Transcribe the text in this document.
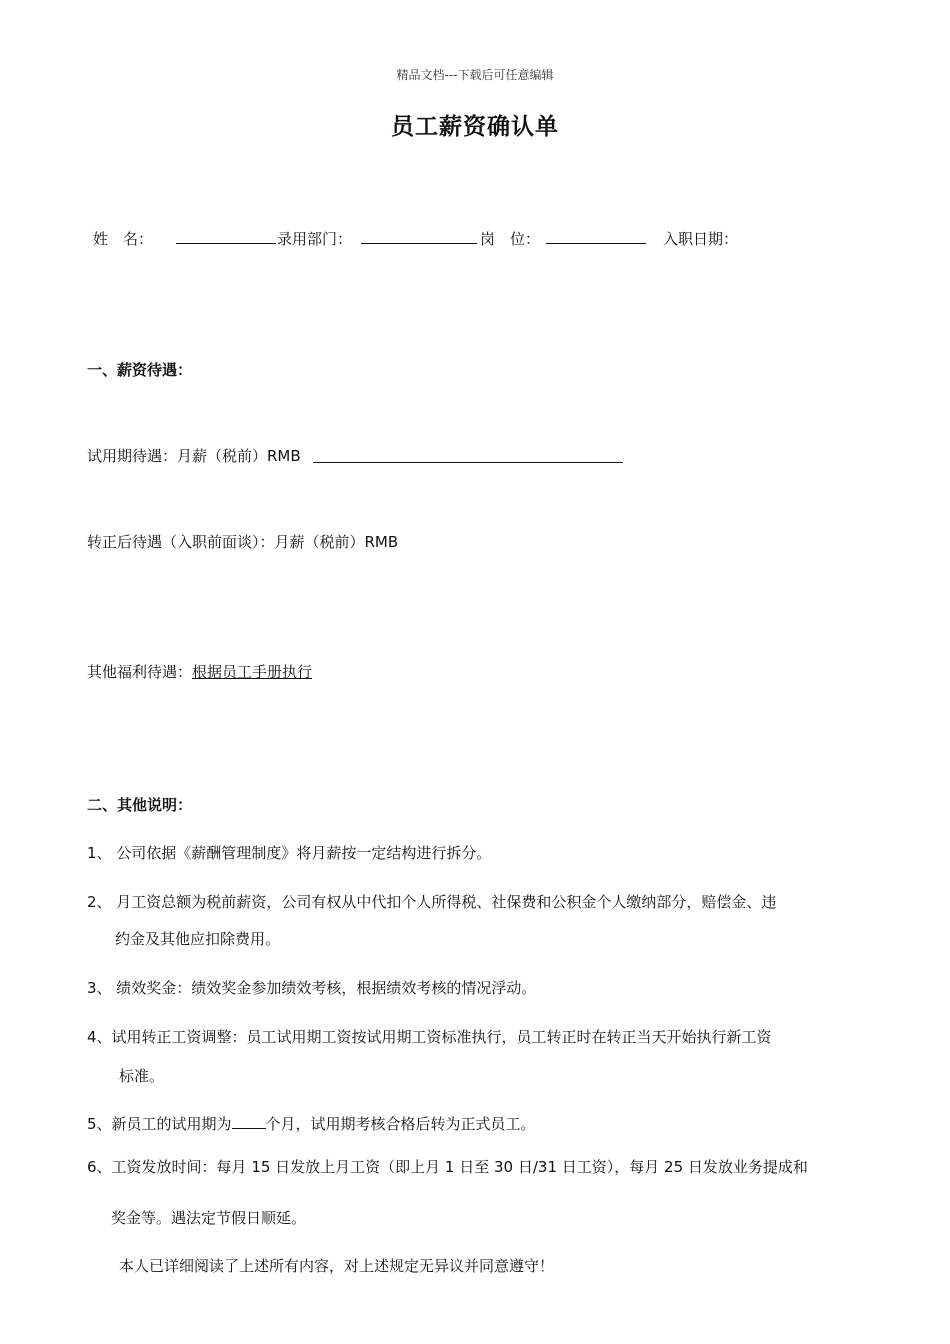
精品文档---下载后可任意编辑
员工薪资确认单
姓　名：	录用部门：	岗　位：	入职日期：
一、薪资待遇：
试用期待遇：月薪（税前）RMB
转正后待遇（入职前面谈）：月薪（税前）RMB
其他福利待遇：根据员工手册执行
二、其他说明：
1、 公司依据《薪酬管理制度》将月薪按一定结构进行拆分。
2、 月工资总额为税前薪资，公司有权从中代扣个人所得税、社保费和公积金个人缴纳部分，赔偿金、违
约金及其他应扣除费用。
3、 绩效奖金：绩效奖金参加绩效考核，根据绩效考核的情况浮动。
4、试用转正工资调整：员工试用期工资按试用期工资标准执行，员工转正时在转正当天开始执行新工资
标准。
5、新员工的试用期为 个月，试用期考核合格后转为正式员工。
6、工资发放时间：每月 15 日发放上月工资（即上月 1 日至 30 日/31 日工资），每月 25 日发放业务提成和
奖金等。遇法定节假日顺延。
本人已详细阅读了上述所有内容，对上述规定无异议并同意遵守！
